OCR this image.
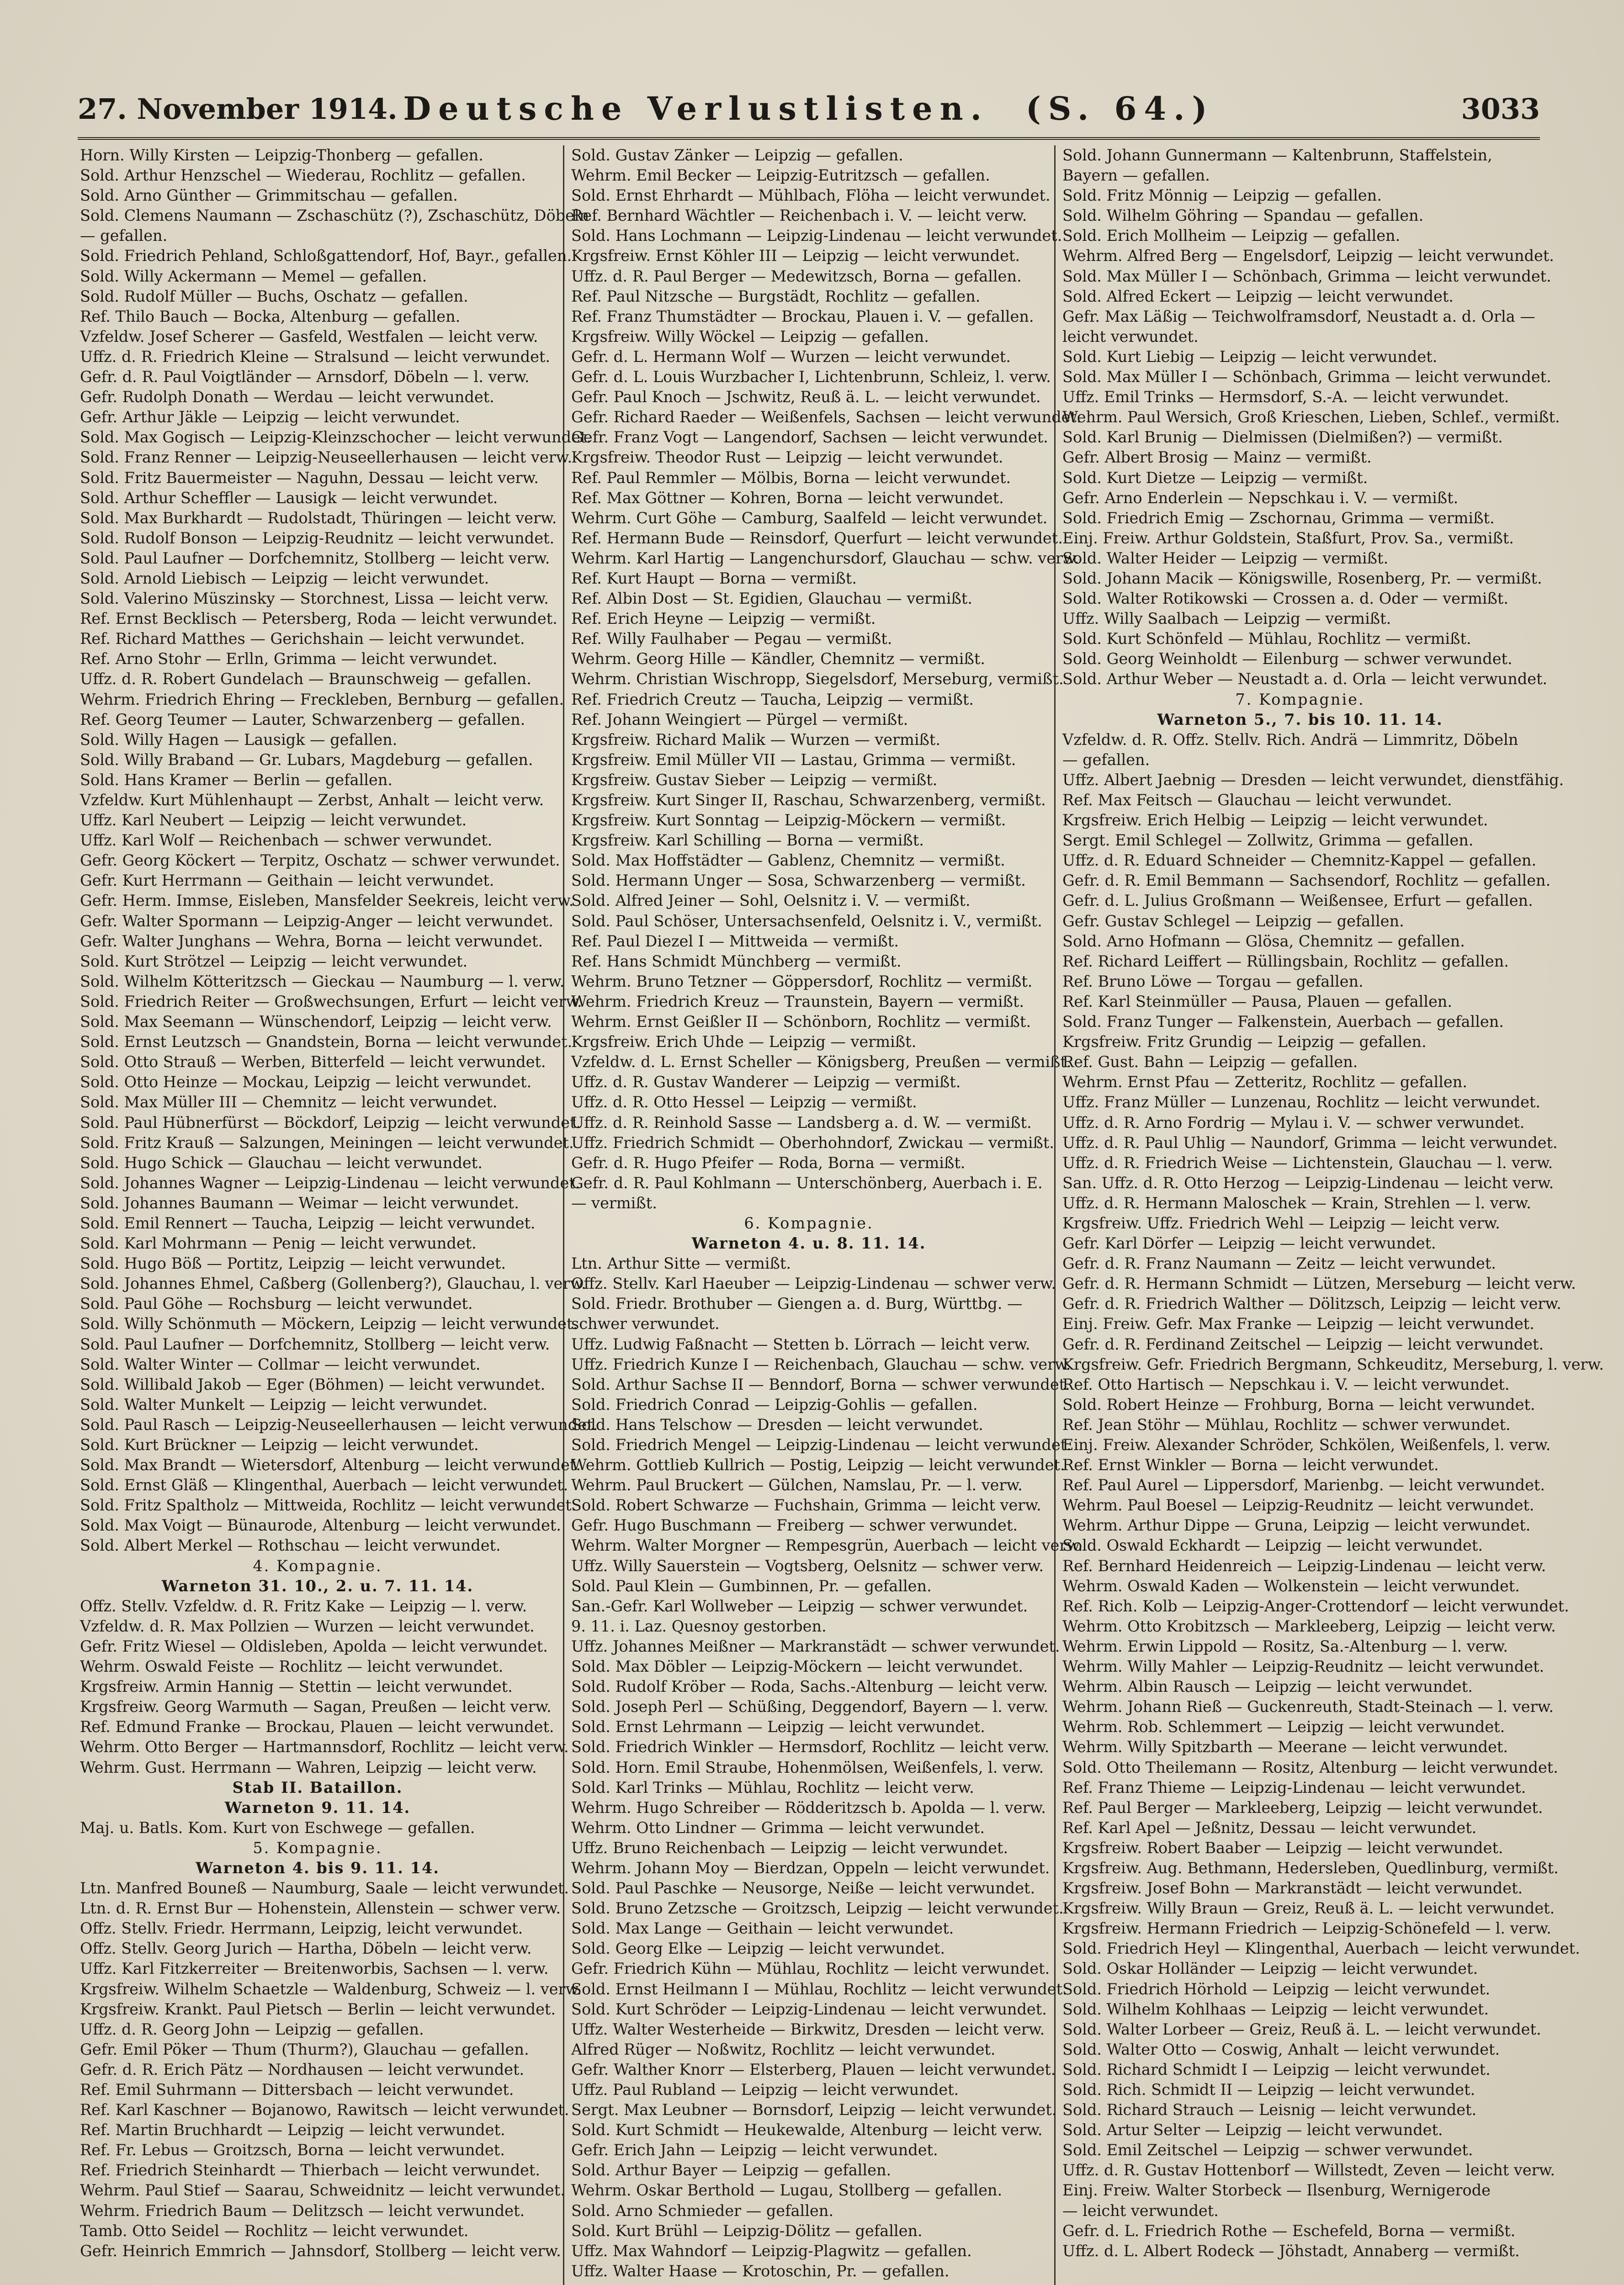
27. November 1914. Deutsche Verlustlisten. (S. 64.)	3033
Horn. Willy Kirsten — Leipzig-Thonberg — gefallen.
Sold. Arthur Henzschel — Wiederau, Rochlitz — gefallen.
Sold. Arno Günther — Grimmitschau — gefallen.
Sold. Clemens Naumann — Zschaschütz (?), Zschaschütz, Döbeln
— gefallen.
Sold. Friedrich Pehland, Schloßgattendorf, Hof, Bayr., gefallen.
Sold. Willy Ackermann — Memel — gefallen.
Sold. Rudolf Müller — Buchs, Oschatz — gefallen.
Ref. Thilo Bauch — Bocka, Altenburg — gefallen.
Vzfeldw. Josef Scherer — Gasfeld, Westfalen — leicht verw.
Uffz. d. R. Friedrich Kleine — Stralsund — leicht verwundet.
Gefr. d. R. Paul Voigtländer — Arnsdorf, Döbeln — l. verw.
Gefr. Rudolph Donath — Werdau — leicht verwundet.
Gefr. Arthur Jäkle — Leipzig — leicht verwundet.
Sold. Max Gogisch — Leipzig-Kleinzschocher — leicht verwundet.
Sold. Franz Renner — Leipzig-Neuseellerhausen — leicht verw.
Sold. Fritz Bauermeister — Naguhn, Dessau — leicht verw.
Sold. Arthur Scheffler — Lausigk — leicht verwundet.
Sold. Max Burkhardt — Rudolstadt, Thüringen — leicht verw.
Sold. Rudolf Bonson — Leipzig-Reudnitz — leicht verwundet.
Sold. Paul Laufner — Dorfchemnitz, Stollberg — leicht verw.
Sold. Arnold Liebisch — Leipzig — leicht verwundet.
Sold. Valerino Müszinsky — Storchnest, Lissa — leicht verw.
Ref. Ernst Becklisch — Petersberg, Roda — leicht verwundet.
Ref. Richard Matthes — Gerichshain — leicht verwundet.
Ref. Arno Stohr — Erlln, Grimma — leicht verwundet.
Uffz. d. R. Robert Gundelach — Braunschweig — gefallen.
Wehrm. Friedrich Ehring — Freckleben, Bernburg — gefallen.
Ref. Georg Teumer — Lauter, Schwarzenberg — gefallen.
Sold. Willy Hagen — Lausigk — gefallen.
Sold. Willy Braband — Gr. Lubars, Magdeburg — gefallen.
Sold. Hans Kramer — Berlin — gefallen.
Vzfeldw. Kurt Mühlenhaupt — Zerbst, Anhalt — leicht verw.
Uffz. Karl Neubert — Leipzig — leicht verwundet.
Uffz. Karl Wolf — Reichenbach — schwer verwundet.
Gefr. Georg Köckert — Terpitz, Oschatz — schwer verwundet.
Gefr. Kurt Herrmann — Geithain — leicht verwundet.
Gefr. Herm. Immse, Eisleben, Mansfelder Seekreis, leicht verw.
Gefr. Walter Spormann — Leipzig-Anger — leicht verwundet.
Gefr. Walter Junghans — Wehra, Borna — leicht verwundet.
Sold. Kurt Strötzel — Leipzig — leicht verwundet.
Sold. Wilhelm Kötteritzsch — Gieckau — Naumburg — l. verw.
Sold. Friedrich Reiter — Großwechsungen, Erfurt — leicht verw.
Sold. Max Seemann — Wünschendorf, Leipzig — leicht verw.
Sold. Ernst Leutzsch — Gnandstein, Borna — leicht verwundet.
Sold. Otto Strauß — Werben, Bitterfeld — leicht verwundet.
Sold. Otto Heinze — Mockau, Leipzig — leicht verwundet.
Sold. Max Müller III — Chemnitz — leicht verwundet.
Sold. Paul Hübnerfürst — Böckdorf, Leipzig — leicht verwundet.
Sold. Fritz Krauß — Salzungen, Meiningen — leicht verwundet.
Sold. Hugo Schick — Glauchau — leicht verwundet.
Sold. Johannes Wagner — Leipzig-Lindenau — leicht verwundet.
Sold. Johannes Baumann — Weimar — leicht verwundet.
Sold. Emil Rennert — Taucha, Leipzig — leicht verwundet.
Sold. Karl Mohrmann — Penig — leicht verwundet.
Sold. Hugo Böß — Portitz, Leipzig — leicht verwundet.
Sold. Johannes Ehmel, Caßberg (Gollenberg?), Glauchau, l. verw.
Sold. Paul Göhe — Rochsburg — leicht verwundet.
Sold. Willy Schönmuth — Möckern, Leipzig — leicht verwundet.
Sold. Paul Laufner — Dorfchemnitz, Stollberg — leicht verw.
Sold. Walter Winter — Collmar — leicht verwundet.
Sold. Willibald Jakob — Eger (Böhmen) — leicht verwundet.
Sold. Walter Munkelt — Leipzig — leicht verwundet.
Sold. Paul Rasch — Leipzig-Neuseellerhausen — leicht verwundet.
Sold. Kurt Brückner — Leipzig — leicht verwundet.
Sold. Max Brandt — Wietersdorf, Altenburg — leicht verwundet.
Sold. Ernst Gläß — Klingenthal, Auerbach — leicht verwundet.
Sold. Fritz Spaltholz — Mittweida, Rochlitz — leicht verwundet.
Sold. Max Voigt — Bünaurode, Altenburg — leicht verwundet.
Sold. Albert Merkel — Rothschau — leicht verwundet.
4. Kompagnie.
Warneton 31. 10., 2. u. 7. 11. 14.
Offz. Stellv. Vzfeldw. d. R. Fritz Kake — Leipzig — l. verw.
Vzfeldw. d. R. Max Pollzien — Wurzen — leicht verwundet.
Gefr. Fritz Wiesel — Oldisleben, Apolda — leicht verwundet.
Wehrm. Oswald Feiste — Rochlitz — leicht verwundet.
Krgsfreiw. Armin Hannig — Stettin — leicht verwundet.
Krgsfreiw. Georg Warmuth — Sagan, Preußen — leicht verw.
Ref. Edmund Franke — Brockau, Plauen — leicht verwundet.
Wehrm. Otto Berger — Hartmannsdorf, Rochlitz — leicht verw.
Wehrm. Gust. Herrmann — Wahren, Leipzig — leicht verw.
Stab II. Bataillon.
Warneton 9. 11. 14.
Maj. u. Batls. Kom. Kurt von Eschwege — gefallen.
5. Kompagnie.
Warneton 4. bis 9. 11. 14.
Ltn. Manfred Bouneß — Naumburg, Saale — leicht verwundet.
Ltn. d. R. Ernst Bur — Hohenstein, Allenstein — schwer verw.
Offz. Stellv. Friedr. Herrmann, Leipzig, leicht verwundet.
Offz. Stellv. Georg Jurich — Hartha, Döbeln — leicht verw.
Uffz. Karl Fitzkerreiter — Breitenworbis, Sachsen — l. verw.
Krgsfreiw. Wilhelm Schaetzle — Waldenburg, Schweiz — l. verw.
Krgsfreiw. Krankt. Paul Pietsch — Berlin — leicht verwundet.
Uffz. d. R. Georg John — Leipzig — gefallen.
Gefr. Emil Pöker — Thum (Thurm?), Glauchau — gefallen.
Gefr. d. R. Erich Pätz — Nordhausen — leicht verwundet.
Ref. Emil Suhrmann — Dittersbach — leicht verwundet.
Ref. Karl Kaschner — Bojanowo, Rawitsch — leicht verwundet.
Ref. Martin Bruchhardt — Leipzig — leicht verwundet.
Ref. Fr. Lebus — Groitzsch, Borna — leicht verwundet.
Ref. Friedrich Steinhardt — Thierbach — leicht verwundet.
Wehrm. Paul Stief — Saarau, Schweidnitz — leicht verwundet.
Wehrm. Friedrich Baum — Delitzsch — leicht verwundet.
Tamb. Otto Seidel — Rochlitz — leicht verwundet.
Gefr. Heinrich Emmrich — Jahnsdorf, Stollberg — leicht verw.
Sold. Gustav Zänker — Leipzig — gefallen.
Wehrm. Emil Becker — Leipzig-Eutritzsch — gefallen.
Sold. Ernst Ehrhardt — Mühlbach, Flöha — leicht verwundet.
Ref. Bernhard Wächtler — Reichenbach i. V. — leicht verw.
Sold. Hans Lochmann — Leipzig-Lindenau — leicht verwundet.
Krgsfreiw. Ernst Köhler III — Leipzig — leicht verwundet.
Uffz. d. R. Paul Berger — Medewitzsch, Borna — gefallen.
Ref. Paul Nitzsche — Burgstädt, Rochlitz — gefallen.
Ref. Franz Thumstädter — Brockau, Plauen i. V. — gefallen.
Krgsfreiw. Willy Wöckel — Leipzig — gefallen.
Gefr. d. L. Hermann Wolf — Wurzen — leicht verwundet.
Gefr. d. L. Louis Wurzbacher I, Lichtenbrunn, Schleiz, l. verw.
Gefr. Paul Knoch — Jschwitz, Reuß ä. L. — leicht verwundet.
Gefr. Richard Raeder — Weißenfels, Sachsen — leicht verwundet.
Gefr. Franz Vogt — Langendorf, Sachsen — leicht verwundet.
Krgsfreiw. Theodor Rust — Leipzig — leicht verwundet.
Ref. Paul Remmler — Mölbis, Borna — leicht verwundet.
Ref. Max Göttner — Kohren, Borna — leicht verwundet.
Wehrm. Curt Göhe — Camburg, Saalfeld — leicht verwundet.
Ref. Hermann Bude — Reinsdorf, Querfurt — leicht verwundet.
Wehrm. Karl Hartig — Langenchursdorf, Glauchau — schw. verw.
Ref. Kurt Haupt — Borna — vermißt.
Ref. Albin Dost — St. Egidien, Glauchau — vermißt.
Ref. Erich Heyne — Leipzig — vermißt.
Ref. Willy Faulhaber — Pegau — vermißt.
Wehrm. Georg Hille — Kändler, Chemnitz — vermißt.
Wehrm. Christian Wischropp, Siegelsdorf, Merseburg, vermißt.
Ref. Friedrich Creutz — Taucha, Leipzig — vermißt.
Ref. Johann Weingiert — Pürgel — vermißt.
Krgsfreiw. Richard Malik — Wurzen — vermißt.
Krgsfreiw. Emil Müller VII — Lastau, Grimma — vermißt.
Krgsfreiw. Gustav Sieber — Leipzig — vermißt.
Krgsfreiw. Kurt Singer II, Raschau, Schwarzenberg, vermißt.
Krgsfreiw. Kurt Sonntag — Leipzig-Möckern — vermißt.
Krgsfreiw. Karl Schilling — Borna — vermißt.
Sold. Max Hoffstädter — Gablenz, Chemnitz — vermißt.
Sold. Hermann Unger — Sosa, Schwarzenberg — vermißt.
Sold. Alfred Jeiner — Sohl, Oelsnitz i. V. — vermißt.
Sold. Paul Schöser, Untersachsenfeld, Oelsnitz i. V., vermißt.
Ref. Paul Diezel I — Mittweida — vermißt.
Ref. Hans Schmidt Münchberg — vermißt.
Wehrm. Bruno Tetzner — Göppersdorf, Rochlitz — vermißt.
Wehrm. Friedrich Kreuz — Traunstein, Bayern — vermißt.
Wehrm. Ernst Geißler II — Schönborn, Rochlitz — vermißt.
Krgsfreiw. Erich Uhde — Leipzig — vermißt.
Vzfeldw. d. L. Ernst Scheller — Königsberg, Preußen — vermißt.
Uffz. d. R. Gustav Wanderer — Leipzig — vermißt.
Uffz. d. R. Otto Hessel — Leipzig — vermißt.
Uffz. d. R. Reinhold Sasse — Landsberg a. d. W. — vermißt.
Uffz. Friedrich Schmidt — Oberhohndorf, Zwickau — vermißt.
Gefr. d. R. Hugo Pfeifer — Roda, Borna — vermißt.
Gefr. d. R. Paul Kohlmann — Unterschönberg, Auerbach i. E.
— vermißt.
6. Kompagnie.
Warneton 4. u. 8. 11. 14.
Ltn. Arthur Sitte — vermißt.
Offz. Stellv. Karl Haeuber — Leipzig-Lindenau — schwer verw.
Sold. Friedr. Brothuber — Giengen a. d. Burg, Württbg. —
schwer verwundet.
Uffz. Ludwig Faßnacht — Stetten b. Lörrach — leicht verw.
Uffz. Friedrich Kunze I — Reichenbach, Glauchau — schw. verw.
Sold. Arthur Sachse II — Benndorf, Borna — schwer verwundet.
Sold. Friedrich Conrad — Leipzig-Gohlis — gefallen.
Sold. Hans Telschow — Dresden — leicht verwundet.
Sold. Friedrich Mengel — Leipzig-Lindenau — leicht verwundet.
Wehrm. Gottlieb Kullrich — Postig, Leipzig — leicht verwundet.
Wehrm. Paul Bruckert — Gülchen, Namslau, Pr. — l. verw.
Sold. Robert Schwarze — Fuchshain, Grimma — leicht verw.
Gefr. Hugo Buschmann — Freiberg — schwer verwundet.
Wehrm. Walter Morgner — Rempesgrün, Auerbach — leicht verw.
Uffz. Willy Sauerstein — Vogtsberg, Oelsnitz — schwer verw.
Sold. Paul Klein — Gumbinnen, Pr. — gefallen.
San.-Gefr. Karl Wollweber — Leipzig — schwer verwundet.
9. 11. i. Laz. Quesnoy gestorben.
Uffz. Johannes Meißner — Markranstädt — schwer verwundet.
Sold. Max Döbler — Leipzig-Möckern — leicht verwundet.
Sold. Rudolf Kröber — Roda, Sachs.-Altenburg — leicht verw.
Sold. Joseph Perl — Schüßing, Deggendorf, Bayern — l. verw.
Sold. Ernst Lehrmann — Leipzig — leicht verwundet.
Sold. Friedrich Winkler — Hermsdorf, Rochlitz — leicht verw.
Sold. Horn. Emil Straube, Hohenmölsen, Weißenfels, l. verw.
Sold. Karl Trinks — Mühlau, Rochlitz — leicht verw.
Wehrm. Hugo Schreiber — Rödderitzsch b. Apolda — l. verw.
Wehrm. Otto Lindner — Grimma — leicht verwundet.
Uffz. Bruno Reichenbach — Leipzig — leicht verwundet.
Wehrm. Johann Moy — Bierdzan, Oppeln — leicht verwundet.
Sold. Paul Paschke — Neusorge, Neiße — leicht verwundet.
Sold. Bruno Zetzsche — Groitzsch, Leipzig — leicht verwundet.
Sold. Max Lange — Geithain — leicht verwundet.
Sold. Georg Elke — Leipzig — leicht verwundet.
Gefr. Friedrich Kühn — Mühlau, Rochlitz — leicht verwundet.
Sold. Ernst Heilmann I — Mühlau, Rochlitz — leicht verwundet.
Sold. Kurt Schröder — Leipzig-Lindenau — leicht verwundet.
Uffz. Walter Westerheide — Birkwitz, Dresden — leicht verw.
Alfred Rüger — Noßwitz, Rochlitz — leicht verwundet.
Gefr. Walther Knorr — Elsterberg, Plauen — leicht verwundet.
Uffz. Paul Rubland — Leipzig — leicht verwundet.
Sergt. Max Leubner — Bornsdorf, Leipzig — leicht verwundet.
Sold. Kurt Schmidt — Heukewalde, Altenburg — leicht verw.
Gefr. Erich Jahn — Leipzig — leicht verwundet.
Sold. Arthur Bayer — Leipzig — gefallen.
Wehrm. Oskar Berthold — Lugau, Stollberg — gefallen.
Sold. Arno Schmieder — gefallen.
Sold. Kurt Brühl — Leipzig-Dölitz — gefallen.
Uffz. Max Wahndorf — Leipzig-Plagwitz — gefallen.
Uffz. Walter Haase — Krotoschin, Pr. — gefallen.
Sold. Johann Gunnermann — Kaltenbrunn, Staffelstein,
Bayern — gefallen.
Sold. Fritz Mönnig — Leipzig — gefallen.
Sold. Wilhelm Göhring — Spandau — gefallen.
Sold. Erich Mollheim — Leipzig — gefallen.
Wehrm. Alfred Berg — Engelsdorf, Leipzig — leicht verwundet.
Sold. Max Müller I — Schönbach, Grimma — leicht verwundet.
Sold. Alfred Eckert — Leipzig — leicht verwundet.
Gefr. Max Läßig — Teichwolframsdorf, Neustadt a. d. Orla —
leicht verwundet.
Sold. Kurt Liebig — Leipzig — leicht verwundet.
Sold. Max Müller I — Schönbach, Grimma — leicht verwundet.
Uffz. Emil Trinks — Hermsdorf, S.-A. — leicht verwundet.
Wehrm. Paul Wersich, Groß Krieschen, Lieben, Schlef., vermißt.
Sold. Karl Brunig — Dielmissen (Dielmißen?) — vermißt.
Gefr. Albert Brosig — Mainz — vermißt.
Sold. Kurt Dietze — Leipzig — vermißt.
Gefr. Arno Enderlein — Nepschkau i. V. — vermißt.
Sold. Friedrich Emig — Zschornau, Grimma — vermißt.
Einj. Freiw. Arthur Goldstein, Staßfurt, Prov. Sa., vermißt.
Sold. Walter Heider — Leipzig — vermißt.
Sold. Johann Macik — Königswille, Rosenberg, Pr. — vermißt.
Sold. Walter Rotikowski — Crossen a. d. Oder — vermißt.
Uffz. Willy Saalbach — Leipzig — vermißt.
Sold. Kurt Schönfeld — Mühlau, Rochlitz — vermißt.
Sold. Georg Weinholdt — Eilenburg — schwer verwundet.
Sold. Arthur Weber — Neustadt a. d. Orla — leicht verwundet.
7. Kompagnie.
Warneton 5., 7. bis 10. 11. 14.
Vzfeldw. d. R. Offz. Stellv. Rich. Andrä — Limmritz, Döbeln
— gefallen.
Uffz. Albert Jaebnig — Dresden — leicht verwundet, dienstfähig.
Ref. Max Feitsch — Glauchau — leicht verwundet.
Krgsfreiw. Erich Helbig — Leipzig — leicht verwundet.
Sergt. Emil Schlegel — Zollwitz, Grimma — gefallen.
Uffz. d. R. Eduard Schneider — Chemnitz-Kappel — gefallen.
Gefr. d. R. Emil Bemmann — Sachsendorf, Rochlitz — gefallen.
Gefr. d. L. Julius Großmann — Weißensee, Erfurt — gefallen.
Gefr. Gustav Schlegel — Leipzig — gefallen.
Sold. Arno Hofmann — Glösa, Chemnitz — gefallen.
Ref. Richard Leiffert — Rüllingsbain, Rochlitz — gefallen.
Ref. Bruno Löwe — Torgau — gefallen.
Ref. Karl Steinmüller — Pausa, Plauen — gefallen.
Sold. Franz Tunger — Falkenstein, Auerbach — gefallen.
Krgsfreiw. Fritz Grundig — Leipzig — gefallen.
Ref. Gust. Bahn — Leipzig — gefallen.
Wehrm. Ernst Pfau — Zetteritz, Rochlitz — gefallen.
Uffz. Franz Müller — Lunzenau, Rochlitz — leicht verwundet.
Uffz. d. R. Arno Fordrig — Mylau i. V. — schwer verwundet.
Uffz. d. R. Paul Uhlig — Naundorf, Grimma — leicht verwundet.
Uffz. d. R. Friedrich Weise — Lichtenstein, Glauchau — l. verw.
San. Uffz. d. R. Otto Herzog — Leipzig-Lindenau — leicht verw.
Uffz. d. R. Hermann Maloschek — Krain, Strehlen — l. verw.
Krgsfreiw. Uffz. Friedrich Wehl — Leipzig — leicht verw.
Gefr. Karl Dörfer — Leipzig — leicht verwundet.
Gefr. d. R. Franz Naumann — Zeitz — leicht verwundet.
Gefr. d. R. Hermann Schmidt — Lützen, Merseburg — leicht verw.
Gefr. d. R. Friedrich Walther — Dölitzsch, Leipzig — leicht verw.
Einj. Freiw. Gefr. Max Franke — Leipzig — leicht verwundet.
Gefr. d. R. Ferdinand Zeitschel — Leipzig — leicht verwundet.
Krgsfreiw. Gefr. Friedrich Bergmann, Schkeuditz, Merseburg, l. verw.
Ref. Otto Hartisch — Nepschkau i. V. — leicht verwundet.
Sold. Robert Heinze — Frohburg, Borna — leicht verwundet.
Ref. Jean Stöhr — Mühlau, Rochlitz — schwer verwundet.
Einj. Freiw. Alexander Schröder, Schkölen, Weißenfels, l. verw.
Ref. Ernst Winkler — Borna — leicht verwundet.
Ref. Paul Aurel — Lippersdorf, Marienbg. — leicht verwundet.
Wehrm. Paul Boesel — Leipzig-Reudnitz — leicht verwundet.
Wehrm. Arthur Dippe — Gruna, Leipzig — leicht verwundet.
Sold. Oswald Eckhardt — Leipzig — leicht verwundet.
Ref. Bernhard Heidenreich — Leipzig-Lindenau — leicht verw.
Wehrm. Oswald Kaden — Wolkenstein — leicht verwundet.
Ref. Rich. Kolb — Leipzig-Anger-Crottendorf — leicht verwundet.
Wehrm. Otto Krobitzsch — Markleeberg, Leipzig — leicht verw.
Wehrm. Erwin Lippold — Rositz, Sa.-Altenburg — l. verw.
Wehrm. Willy Mahler — Leipzig-Reudnitz — leicht verwundet.
Wehrm. Albin Rausch — Leipzig — leicht verwundet.
Wehrm. Johann Rieß — Guckenreuth, Stadt-Steinach — l. verw.
Wehrm. Rob. Schlemmert — Leipzig — leicht verwundet.
Wehrm. Willy Spitzbarth — Meerane — leicht verwundet.
Sold. Otto Theilemann — Rositz, Altenburg — leicht verwundet.
Ref. Franz Thieme — Leipzig-Lindenau — leicht verwundet.
Ref. Paul Berger — Markleeberg, Leipzig — leicht verwundet.
Ref. Karl Apel — Jeßnitz, Dessau — leicht verwundet.
Krgsfreiw. Robert Baaber — Leipzig — leicht verwundet.
Krgsfreiw. Aug. Bethmann, Hedersleben, Quedlinburg, vermißt.
Krgsfreiw. Josef Bohn — Markranstädt — leicht verwundet.
Krgsfreiw. Willy Braun — Greiz, Reuß ä. L. — leicht verwundet.
Krgsfreiw. Hermann Friedrich — Leipzig-Schönefeld — l. verw.
Sold. Friedrich Heyl — Klingenthal, Auerbach — leicht verwundet.
Sold. Oskar Holländer — Leipzig — leicht verwundet.
Sold. Friedrich Hörhold — Leipzig — leicht verwundet.
Sold. Wilhelm Kohlhaas — Leipzig — leicht verwundet.
Sold. Walter Lorbeer — Greiz, Reuß ä. L. — leicht verwundet.
Sold. Walter Otto — Coswig, Anhalt — leicht verwundet.
Sold. Richard Schmidt I — Leipzig — leicht verwundet.
Sold. Rich. Schmidt II — Leipzig — leicht verwundet.
Sold. Richard Strauch — Leisnig — leicht verwundet.
Sold. Artur Selter — Leipzig — leicht verwundet.
Sold. Emil Zeitschel — Leipzig — schwer verwundet.
Uffz. d. R. Gustav Hottenborf — Willstedt, Zeven — leicht verw.
Einj. Freiw. Walter Storbeck — Ilsenburg, Wernigerode
— leicht verwundet.
Gefr. d. L. Friedrich Rothe — Eschefeld, Borna — vermißt.
Uffz. d. L. Albert Rodeck — Jöhstadt, Annaberg — vermißt.
